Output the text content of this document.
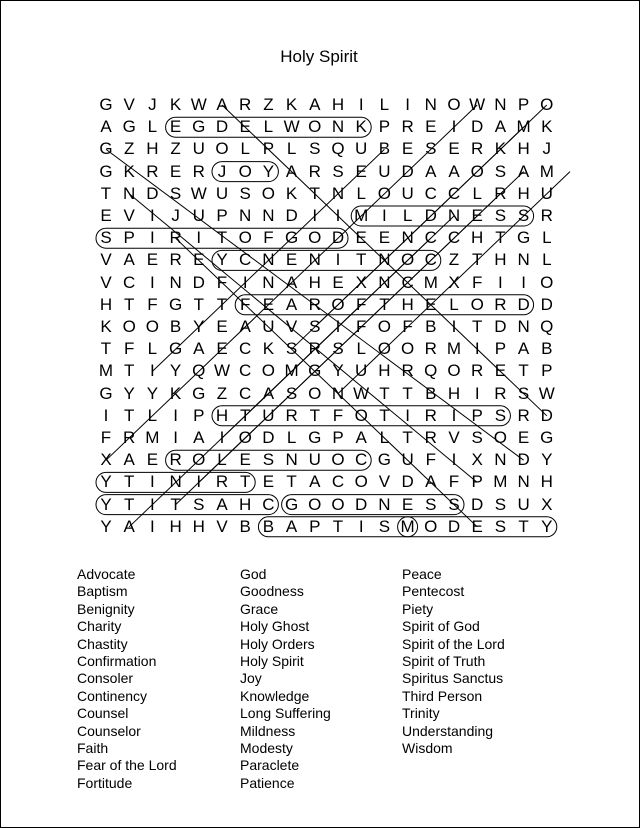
Holy Spirit
G V J K W A R Z K A H I L I N O W N P O
A G L E G D E L W O N K P R E I D A M K
G Z H Z U O L P L S Q U B E S E R K H J
G K R E R J O Y A R S E U D A A O S A M
T N D S W U S O K T N L O U C C L R H U
E V I J U P N N D I	I M I L D N E S S R
S P I R I T O F G O D E E N C C H T G L
V A E R E Y C N E N I T N O C Z T H N L
V C I N D F I N A H E X N C M X F I	I O
H T F G T T F E A R O F T H E L O R D D
K O O B Y E A U V S I F O F B I T D N Q
T F L G A E C K S R S L O O R M I P A B
M T I Y Q W C O M G Y U H R Q O R E T P
G Y Y K G Z C A S O N W T T B H I R S W
I T L I P H T U R T F O T I R I P S R D
F R M I A I O D L G P A L T R V S O E G
X A E R O L E S N U O C G U F I X N D Y
Y T I N I R T E T A C O V D A F P M N H
Y T I T S A H C G O O D N E S S D S U X
Y A I H H V B B A P T I S M O D E S T Y
Advocate
Baptism
Benignity
Charity
Chastity
Confirmation
Consoler
Continency
Counsel
Counselor
Faith
Fear of the Lord
Fortitude
God
Goodness
Grace
Holy Ghost
Holy Orders
Holy Spirit
Joy
Knowledge
Long Suffering
Mildness
Modesty
Paraclete
Patience
Peace
Pentecost
Piety
Spirit of God
Spirit of the Lord
Spirit of Truth
Spiritus Sanctus
Third Person
Trinity
Understanding
Wisdom
